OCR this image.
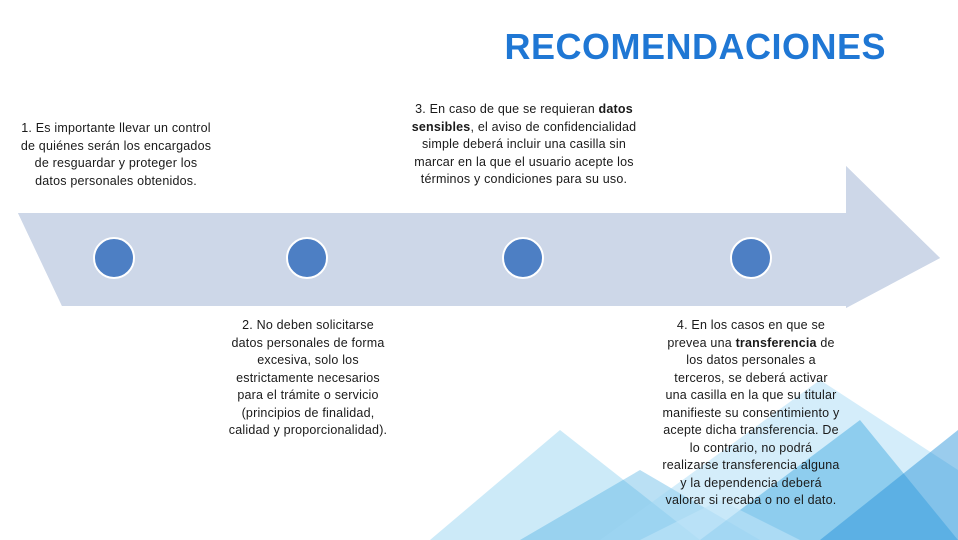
RECOMENDACIONES
1. Es importante llevar un control de quiénes serán los encargados de resguardar y proteger los datos personales obtenidos.
2. No deben solicitarse datos personales de forma excesiva, solo los estrictamente necesarios para el trámite o servicio (principios de finalidad, calidad y proporcionalidad).
3. En caso de que se requieran datos sensibles, el aviso de confidencialidad simple deberá incluir una casilla sin marcar en la que el usuario acepte los términos y condiciones para su uso.
4. En los casos en que se prevea una transferencia de los datos personales a terceros, se deberá activar una casilla en la que su titular manifieste su consentimiento y acepte dicha transferencia. De lo contrario, no podrá realizarse transferencia alguna y la dependencia deberá valorar si recaba o no el dato.
